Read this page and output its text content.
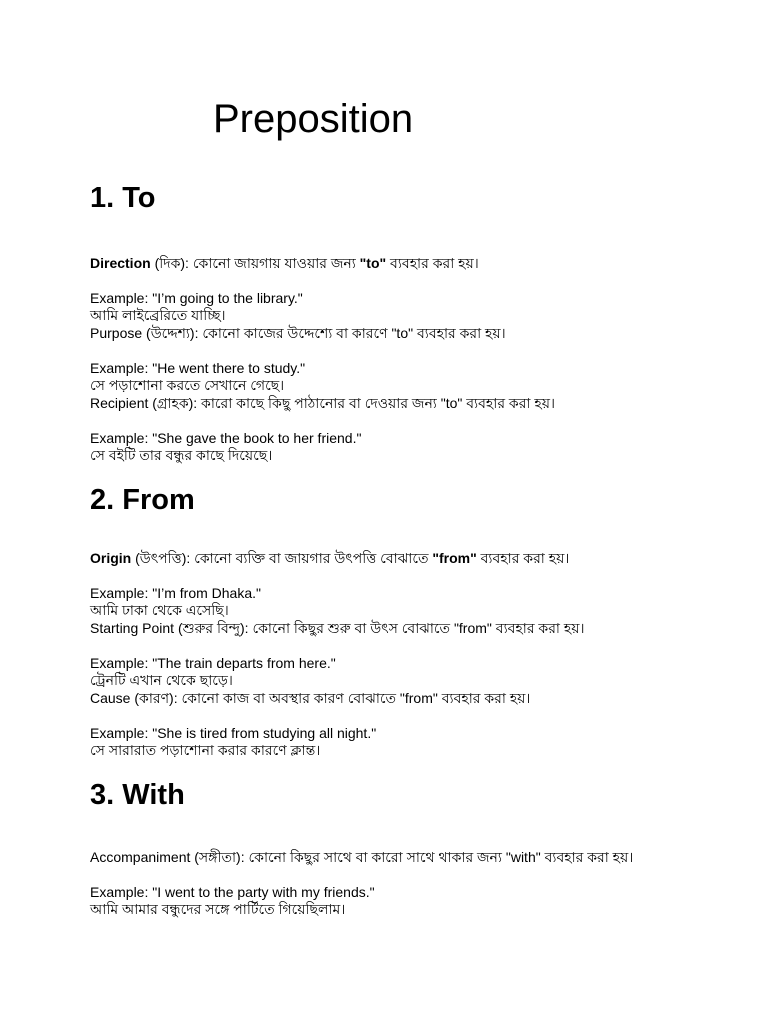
Preposition
1. To

Direction (দিক): কোনো জায়গায় যাওয়ার জন্য "to" ব্যবহার করা হয়।

Example: "I’m going to the library."

আমি লাইব্রেরিতে যাচ্ছি।

Purpose (উদ্দেশ্য): কোনো কাজের উদ্দেশ্যে বা কারণে "to" ব্যবহার করা হয়।

Example: "He went there to study."

সে পড়াশোনা করতে সেখানে গেছে।

Recipient (গ্রাহক): কারো কাছে কিছু পাঠানোর বা দেওয়ার জন্য "to" ব্যবহার করা হয়।

Example: "She gave the book to her friend."

সে বইটি তার বন্ধুর কাছে দিয়েছে।

2. From

Origin (উৎপত্তি): কোনো ব্যক্তি বা জায়গার উৎপত্তি বোঝাতে "from" ব্যবহার করা হয়।

Example: "I’m from Dhaka."

আমি ঢাকা থেকে এসেছি।

Starting Point (শুরুর বিন্দু): কোনো কিছুর শুরু বা উৎস বোঝাতে "from" ব্যবহার করা হয়।

Example: "The train departs from here."

ট্রেনটি এখান থেকে ছাড়ে।

Cause (কারণ): কোনো কাজ বা অবস্থার কারণ বোঝাতে "from" ব্যবহার করা হয়।

Example: "She is tired from studying all night."

সে সারারাত পড়াশোনা করার কারণে ক্লান্ত।

3. With

Accompaniment (সঙ্গীতা): কোনো কিছুর সাথে বা কারো সাথে থাকার জন্য "with" ব্যবহার করা হয়।

Example: "I went to the party with my friends."

আমি আমার বন্ধুদের সঙ্গে পার্টিতে গিয়েছিলাম।
